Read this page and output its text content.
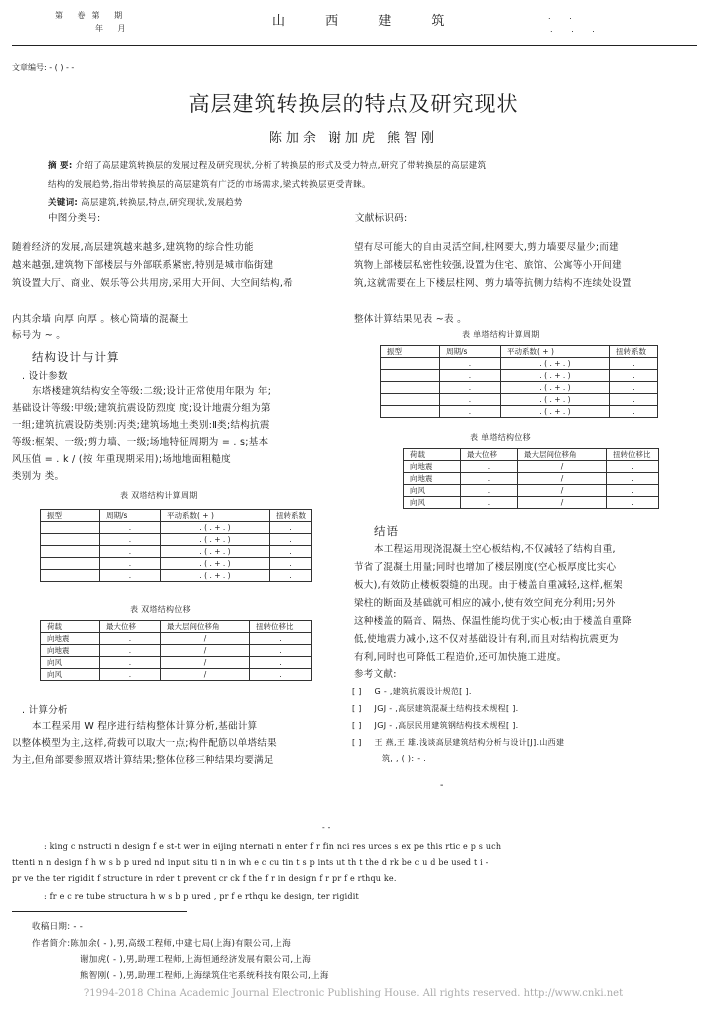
第 卷第 期
年 月	山 西 建 筑	. .
. . .
文章编号: - ( ) - -
高层建筑转换层的特点及研究现状
陈加余 谢加虎 熊智刚
摘 要: 介绍了高层建筑转换层的发展过程及研究现状,分析了转换层的形式及受力特点,研究了带转换层的高层建筑
结构的发展趋势,指出带转换层的高层建筑有广泛的市场需求,梁式转换层更受青睐。
关键词: 高层建筑,转换层,特点,研究现状,发展趋势
中图分类号:	文献标识码:
随着经济的发展,高层建筑越来越多,建筑物的综合性功能
越来越强,建筑物下部楼层与外部联系紧密,特别是城市临街建
筑设置大厅、商业、娱乐等公共用房,采用大开间、大空间结构,希
望有尽可能大的自由灵活空间,柱网要大,剪力墙要尽量少;而建
筑物上部楼层私密性较强,设置为住宅、旅馆、公寓等小开间建
筑,这就需要在上下楼层柱网、剪力墙等抗侧力结构不连续处设置
内其余墙 向厚 向厚 。核心筒墙的混凝土
标号为 ~ 。
结构设计与计算
. 设计参数
东塔楼建筑结构安全等级:二级;设计正常使用年限为 年;
基础设计等级:甲级;建筑抗震设防烈度 度;设计地震分组为第
一组;建筑抗震设防类别:丙类;建筑场地土类别:Ⅱ类;结构抗震
等级:框架、一级;剪力墙、一级;场地特征周期为 = . s;基本
风压值 = . k / (按 年重现期采用);场地地面粗糙度
类别为 类。
表 双塔结构计算周期
振型	周期/s	平动系数( + )	扭转系数
	.	. ( . + . )	.
	.	. ( . + . )	.
	.	. ( . + . )	.
	.	. ( . + . )	.
	.	. ( . + . )	.
表 双塔结构位移
荷载	最大位移	最大层间位移角	扭转位移比
向地震	.	/	.
向地震	.	/	.
向风	.	/	.
向风	.	/	.
. 计算分析
本工程采用 W 程序进行结构整体计算分析,基础计算
以整体模型为主,这样,荷载可以取大一点;构件配筋以单塔结果
为主,但角部要参照双塔计算结果;整体位移三种结果均要满足
整体计算结果见表 ~表 。
表 单塔结构计算周期
振型	周期/s	平动系数( + )	扭转系数
	.	. ( . + . )	.
	.	. ( . + . )	.
	.	. ( . + . )	.
	.	. ( . + . )	.
	.	. ( . + . )	.
表 单塔结构位移
荷载	最大位移	最大层间位移角	扭转位移比
向地震	.	/	.
向地震	.	/	.
向风	.	/	.
向风	.	/	.
结语
本工程运用现浇混凝土空心板结构,不仅减轻了结构自重,
节省了混凝土用量;同时也增加了楼层刚度(空心板厚度比实心
板大),有效防止楼板裂缝的出现。由于楼盖自重减轻,这样,框架
梁柱的断面及基础就可相应的减小,使有效空间充分利用;另外
这种楼盖的隔音、隔热、保温性能均优于实心板;由于楼盖自重降
低,使地震力减小,这不仅对基础设计有利,而且对结构抗震更为
有利,同时也可降低工程造价,还可加快施工进度。
参考文献:
[ ] G - ,建筑抗震设计规范[ ].
[ ] JGJ - ,高层建筑混凝土结构技术规程[ ].
[ ] JGJ - ,高层民用建筑钢结构技术规程[ ].
[ ] 王 燕,王 雄.浅谈高层建筑结构分析与设计[J].山西建
筑, , ( ): - .
-
- -
: king c nstructi n design f e st-t wer in eijing nternati n enter f r fin nci res urces s ex pe this rtic e p s uch
ttenti n n design f h w s b p ured nd input situ ti n in wh e c cu tin t s p ints ut th t the d rk be c u d be used t i -
pr ve the ter rigidit f structure in rder t prevent cr ck f the f r in design f r pr f e rthqu ke.
: fr e c re tube structura h w s b p ured , pr f e rthqu ke design, ter rigidit
收稿日期: - -
作者简介:陈加余( - ),男,高级工程师,中建七局(上海)有限公司,上海
谢加虎( - ),男,助理工程师,上海恒通经济发展有限公司,上海
熊智刚( - ),男,助理工程师,上海绿筑住宅系统科技有限公司,上海
?1994-2018 China Academic Journal Electronic Publishing House. All rights reserved. http://www.cnki.net
